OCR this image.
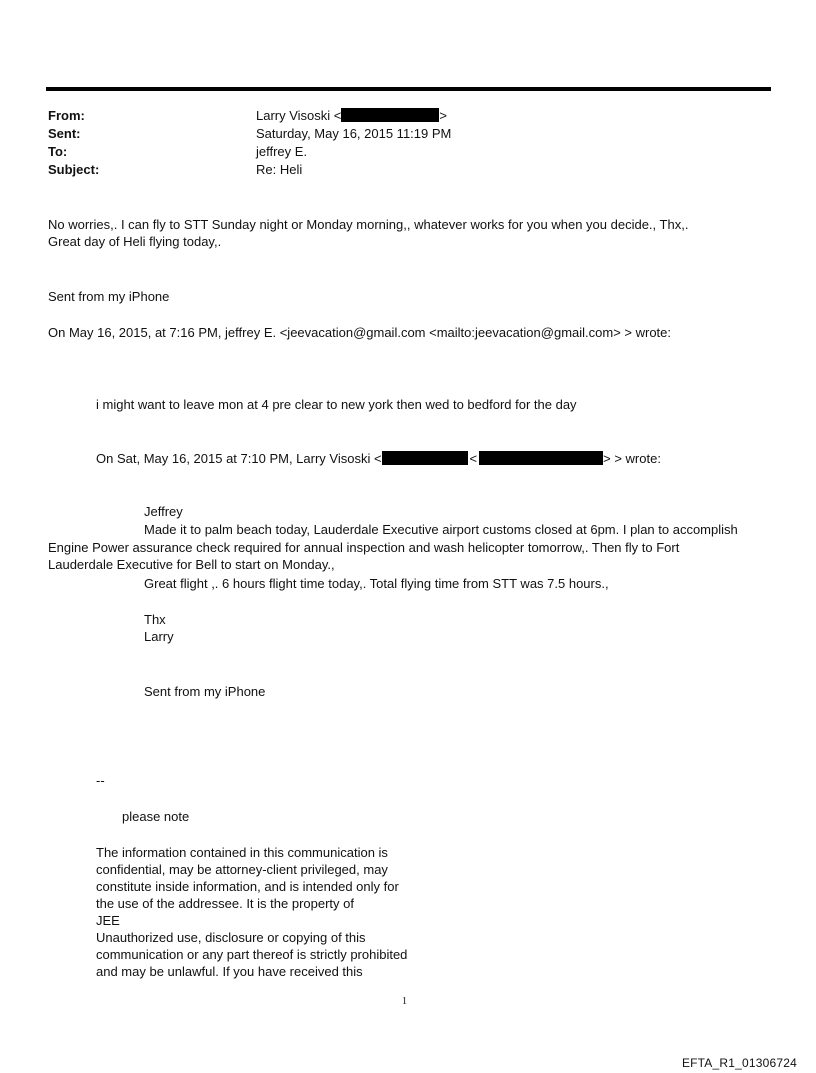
From:	Larry Visoski <	>
Sent:	Saturday, May 16, 2015 11:19 PM
To:	jeffrey E.
Subject:	Re: Heli
No worries,. I can fly to STT Sunday night or Monday morning,, whatever works for you when you decide., Thx,.
Great day of Heli flying today,.
Sent from my iPhone
On May 16, 2015, at 7:16 PM, jeffrey E. <jeevacation@gmail.com <mailto:jeevacation@gmail.com> > wrote:
i might want to leave mon at 4 pre clear to new york then wed to bedford for the day
On Sat, May 16, 2015 at 7:10 PM, Larry Visoski <	<	> > wrote:
Jeffrey
Made it to palm beach today, Lauderdale Executive airport customs closed at 6pm. I plan to accomplish
Engine Power assurance check required for annual inspection and wash helicopter tomorrow,. Then fly to Fort
Lauderdale Executive for Bell to start on Monday.,
Great flight ,. 6 hours flight time today,. Total flying time from STT was 7.5 hours.,
Thx
Larry
Sent from my iPhone
--
please note
The information contained in this communication is
confidential, may be attorney-client privileged, may
constitute inside information, and is intended only for
the use of the addressee. It is the property of
JEE
Unauthorized use, disclosure or copying of this
communication or any part thereof is strictly prohibited
and may be unlawful. If you have received this
1
EFTA_R1_01306724
